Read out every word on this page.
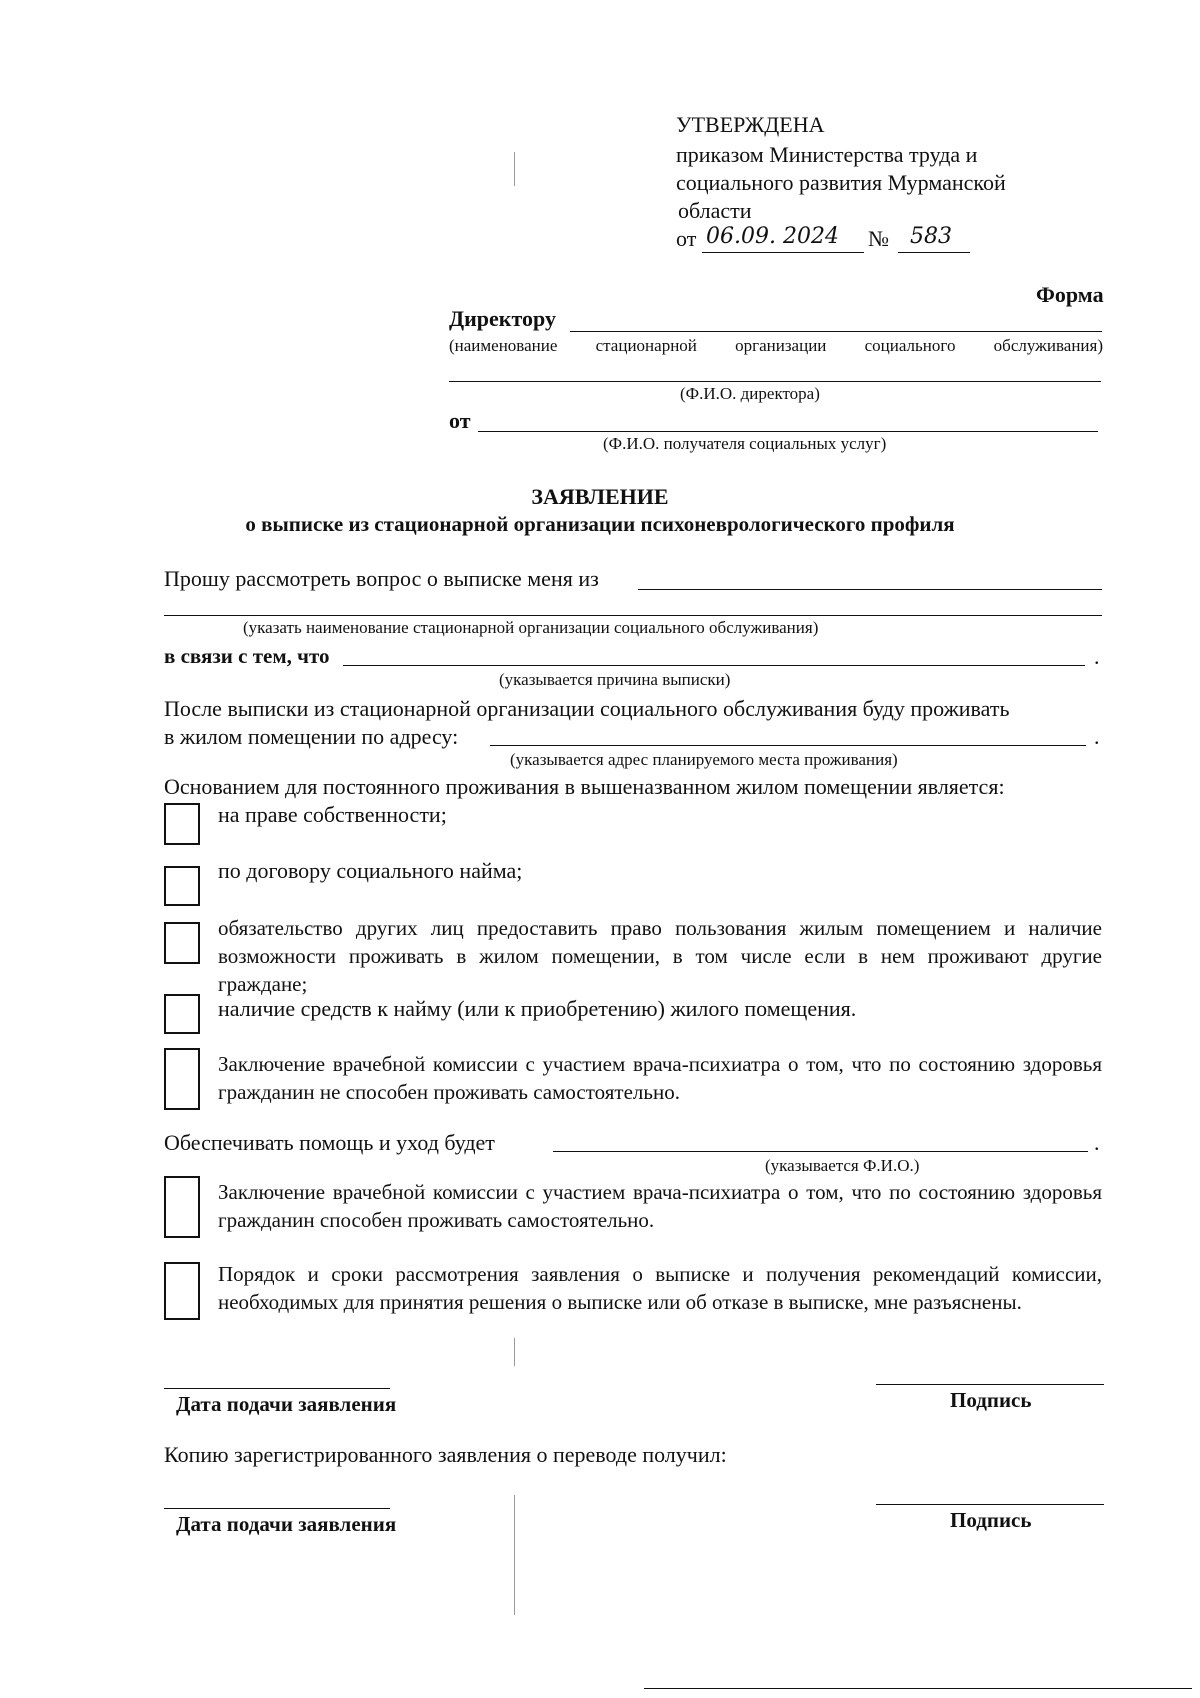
УТВЕРЖДЕНА
приказом Министерства труда и
социального развития Мурманской
области
от 06.09. 2024 № 583
Форма
Директору
(наименование стационарной организации социального обслуживания)
(Ф.И.О. директора)
от
(Ф.И.О. получателя социальных услуг)
ЗАЯВЛЕНИЕ
о выписке из стационарной организации психоневрологического профиля
Прошу рассмотреть вопрос о выписке меня из
(указать наименование стационарной организации социального обслуживания)
в связи с тем, что	.
(указывается причина выписки)
После выписки из стационарной организации социального обслуживания буду проживать
в жилом помещении по адресу:	.
(указывается адрес планируемого места проживания)
Основанием для постоянного проживания в вышеназванном жилом помещении является:
на праве собственности;
по договору социального найма;
обязательство других лиц предоставить право пользования жилым помещением и наличие возможности проживать в жилом помещении, в том числе если в нем проживают другие граждане;
наличие средств к найму (или к приобретению) жилого помещения.
Заключение врачебной комиссии с участием врача-психиатра о том, что по состоянию здоровья гражданин не способен проживать самостоятельно.
Обеспечивать помощь и уход будет	.
(указывается Ф.И.О.)
Заключение врачебной комиссии с участием врача-психиатра о том, что по состоянию здоровья гражданин способен проживать самостоятельно.
Порядок и сроки рассмотрения заявления о выписке и получения рекомендаций комиссии, необходимых для принятия решения о выписке или об отказе в выписке, мне разъяснены.
Дата подачи заявления	Подпись
Копию зарегистрированного заявления о переводе получил:
Дата подачи заявления	Подпись
